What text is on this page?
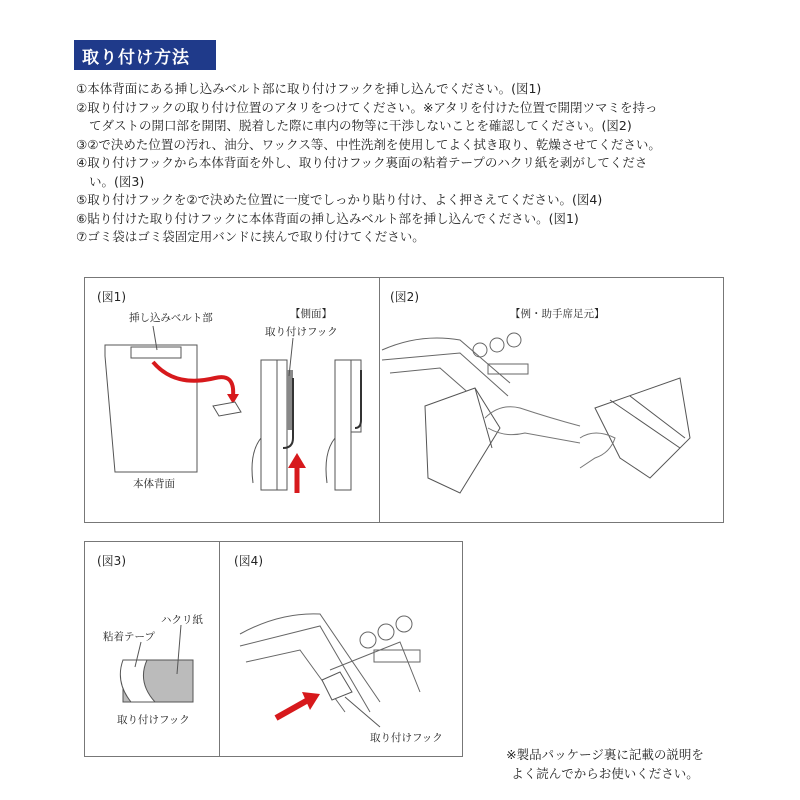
取り付け方法

①本体背面にある挿し込みベルト部に取り付けフックを挿し込んでください。(図1)

②取り付けフックの取り付け位置のアタリをつけてください。※アタリを付けた位置で開閉ツマミを持っ

てダストの開口部を開閉、脱着した際に車内の物等に干渉しないことを確認してください。(図2)

③②で決めた位置の汚れ、油分、ワックス等、中性洗剤を使用してよく拭き取り、乾燥させてください。

④取り付けフックから本体背面を外し、取り付けフック裏面の粘着テープのハクリ紙を剥がしてくださ

い。(図3)

⑤取り付けフックを②で決めた位置に一度でしっかり貼り付け、よく押さえてください。(図4)

⑥貼り付けた取り付けフックに本体背面の挿し込みベルト部を挿し込んでください。(図1)

⑦ゴミ袋はゴミ袋固定用バンドに挟んで取り付けてください。

(図1)
挿し込みベルト部	【側面】
取り付けフック
本体背面
(図2)
【例・助手席足元】
(図3)
ハクリ紙
粘着テープ
取り付けフック
(図4)
取り付けフック
※製品パッケージ裏に記載の説明を
よく読んでからお使いください。
